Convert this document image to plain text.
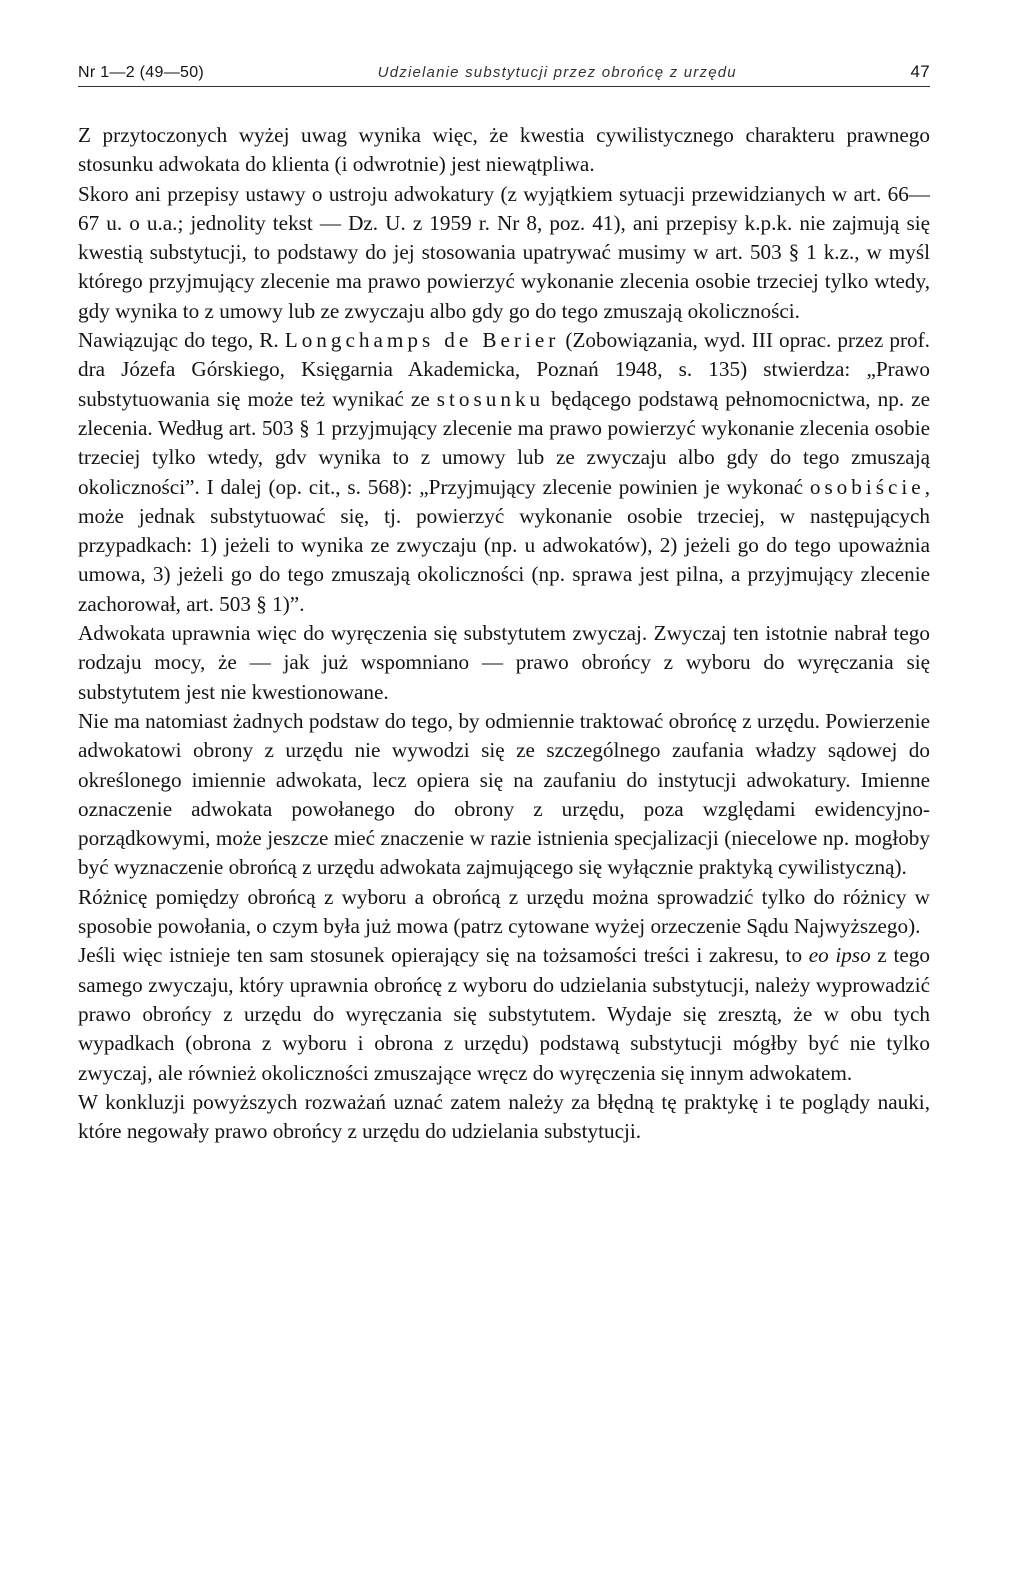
Nr 1—2 (49—50)	Udzielanie substytucji przez obrońcę z urzędu	47

Z przytoczonych wyżej uwag wynika więc, że kwestia cywilistycznego charakteru prawnego stosunku adwokata do klienta (i odwrotnie) jest niewątpliwa.

Skoro ani przepisy ustawy o ustroju adwokatury (z wyjątkiem sytuacji przewidzianych w art. 66—67 u. o u.a.; jednolity tekst — Dz. U. z 1959 r. Nr 8, poz. 41), ani przepisy k.p.k. nie zajmują się kwestią substytucji, to podstawy do jej stosowania upatrywać musimy w art. 503 § 1 k.z., w myśl którego przyjmujący zlecenie ma prawo powierzyć wykonanie zlecenia osobie trzeciej tylko wtedy, gdy wynika to z umowy lub ze zwyczaju albo gdy go do tego zmuszają okoliczności.

Nawiązując do tego, R. Longchamps de Berier (Zobowiązania, wyd. III oprac. przez prof. dra Józefa Górskiego, Księgarnia Akademicka, Poznań 1948, s. 135) stwierdza: „Prawo substytuowania się może też wynikać ze stosunku będącego podstawą pełnomocnictwa, np. ze zlecenia. Według art. 503 § 1 przyjmujący zlecenie ma prawo powierzyć wykonanie zlecenia osobie trzeciej tylko wtedy, gdv wynika to z umowy lub ze zwyczaju albo gdy do tego zmuszają okoliczności”. I dalej (op. cit., s. 568): „Przyjmujący zlecenie powinien je wykonać osobiście, może jednak substytuować się, tj. powierzyć wykonanie osobie trzeciej, w następujących przypadkach: 1) jeżeli to wynika ze zwyczaju (np. u adwokatów), 2) jeżeli go do tego upoważnia umowa, 3) jeżeli go do tego zmuszają okoliczności (np. sprawa jest pilna, a przyjmujący zlecenie zachorował, art. 503 § 1)”.

Adwokata uprawnia więc do wyręczenia się substytutem zwyczaj. Zwyczaj ten istotnie nabrał tego rodzaju mocy, że — jak już wspomniano — prawo obrońcy z wyboru do wyręczania się substytutem jest nie kwestionowane.

Nie ma natomiast żadnych podstaw do tego, by odmiennie traktować obrońcę z urzędu. Powierzenie adwokatowi obrony z urzędu nie wywodzi się ze szczególnego zaufania władzy sądowej do określonego imiennie adwokata, lecz opiera się na zaufaniu do instytucji adwokatury. Imienne oznaczenie adwokata powołanego do obrony z urzędu, poza względami ewidencyjno-porządkowymi, może jeszcze mieć znaczenie w razie istnienia specjalizacji (niecelowe np. mogłoby być wyznaczenie obrońcą z urzędu adwokata zajmującego się wyłącznie praktyką cywilistyczną).

Różnicę pomiędzy obrońcą z wyboru a obrońcą z urzędu można sprowadzić tylko do różnicy w sposobie powołania, o czym była już mowa (patrz cytowane wyżej orzeczenie Sądu Najwyższego).

Jeśli więc istnieje ten sam stosunek opierający się na tożsamości treści i zakresu, to eo ipso z tego samego zwyczaju, który uprawnia obrońcę z wyboru do udzielania substytucji, należy wyprowadzić prawo obrońcy z urzędu do wyręczania się substytutem. Wydaje się zresztą, że w obu tych wypadkach (obrona z wyboru i obrona z urzędu) podstawą substytucji mógłby być nie tylko zwyczaj, ale również okoliczności zmuszające wręcz do wyręczenia się innym adwokatem.

W konkluzji powyższych rozważań uznać zatem należy za błędną tę praktykę i te poglądy nauki, które negowały prawo obrońcy z urzędu do udzielania substytucji.
